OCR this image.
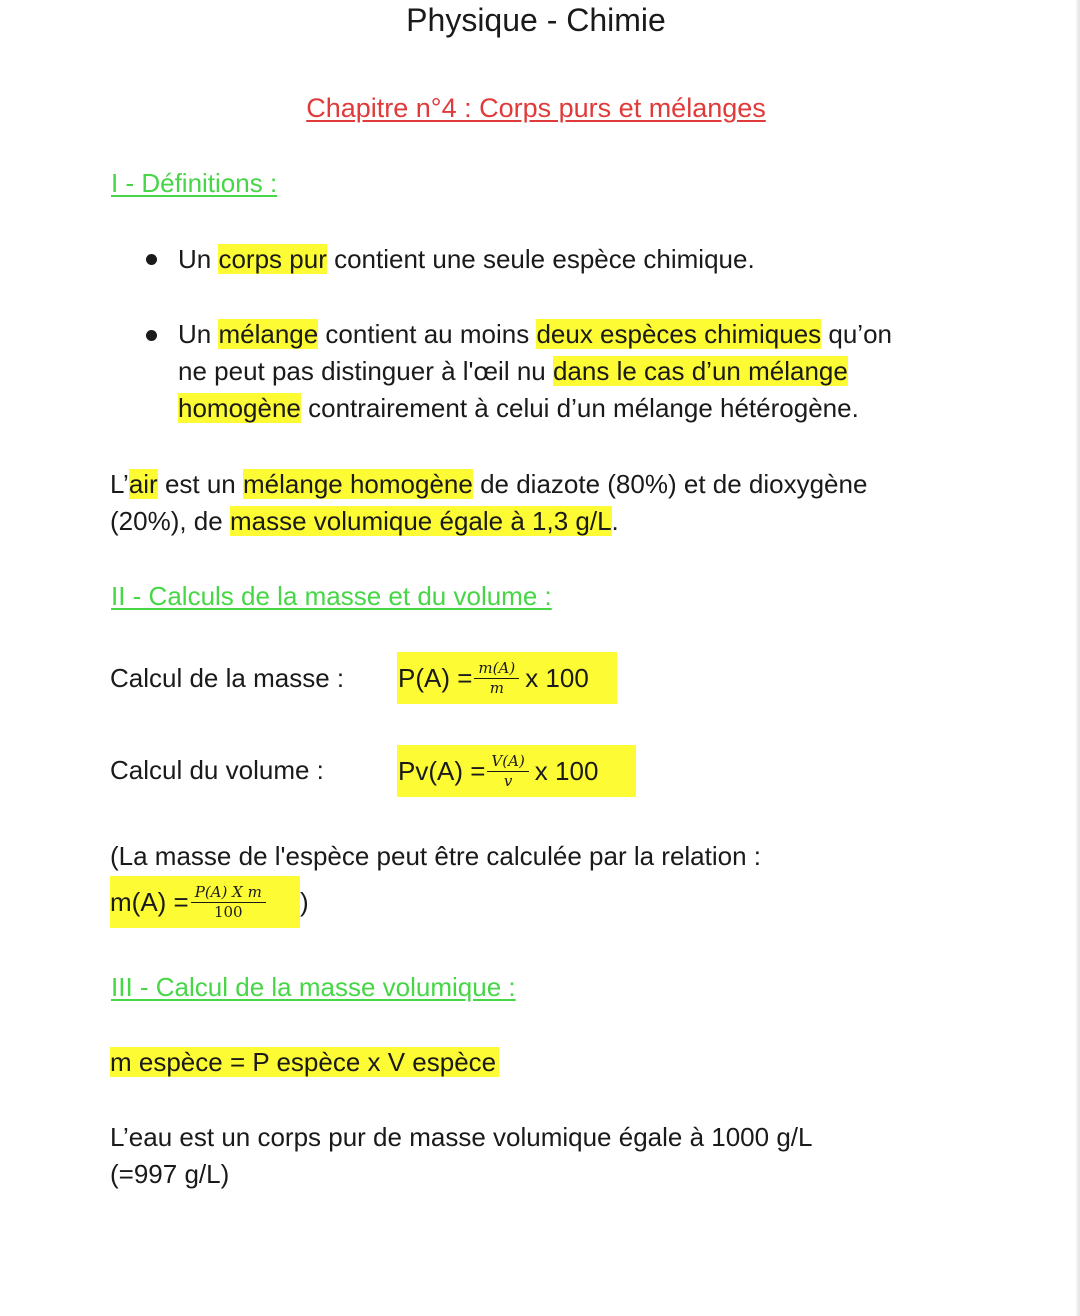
Physique - Chimie
Chapitre n°4 : Corps purs et mélanges
I - Définitions :
Un corps pur contient une seule espèce chimique.
Un mélange contient au moins deux espèces chimiques qu’on
ne peut pas distinguer à l'œil nu dans le cas d’un mélange
homogène contrairement à celui d’un mélange hétérogène.
L’air est un mélange homogène de diazote (80%) et de dioxygène
(20%), de masse volumique égale à 1,3 g/L.
II - Calculs de la masse et du volume :
Calcul de la masse : $P(A) = \frac{m(A)}{m}$ x 100
Calcul du volume :	$Pv(A) = \frac{V(A)}{v}$ x 100
(La masse de l'espèce peut être calculée par la relation :
$m(A) = \frac{\text{P(A) X m}}{100}$ )
III - Calcul de la masse volumique :
m espèce = P espèce x V espèce
L’eau est un corps pur de masse volumique égale à 1000 g/L
(=997 g/L)
